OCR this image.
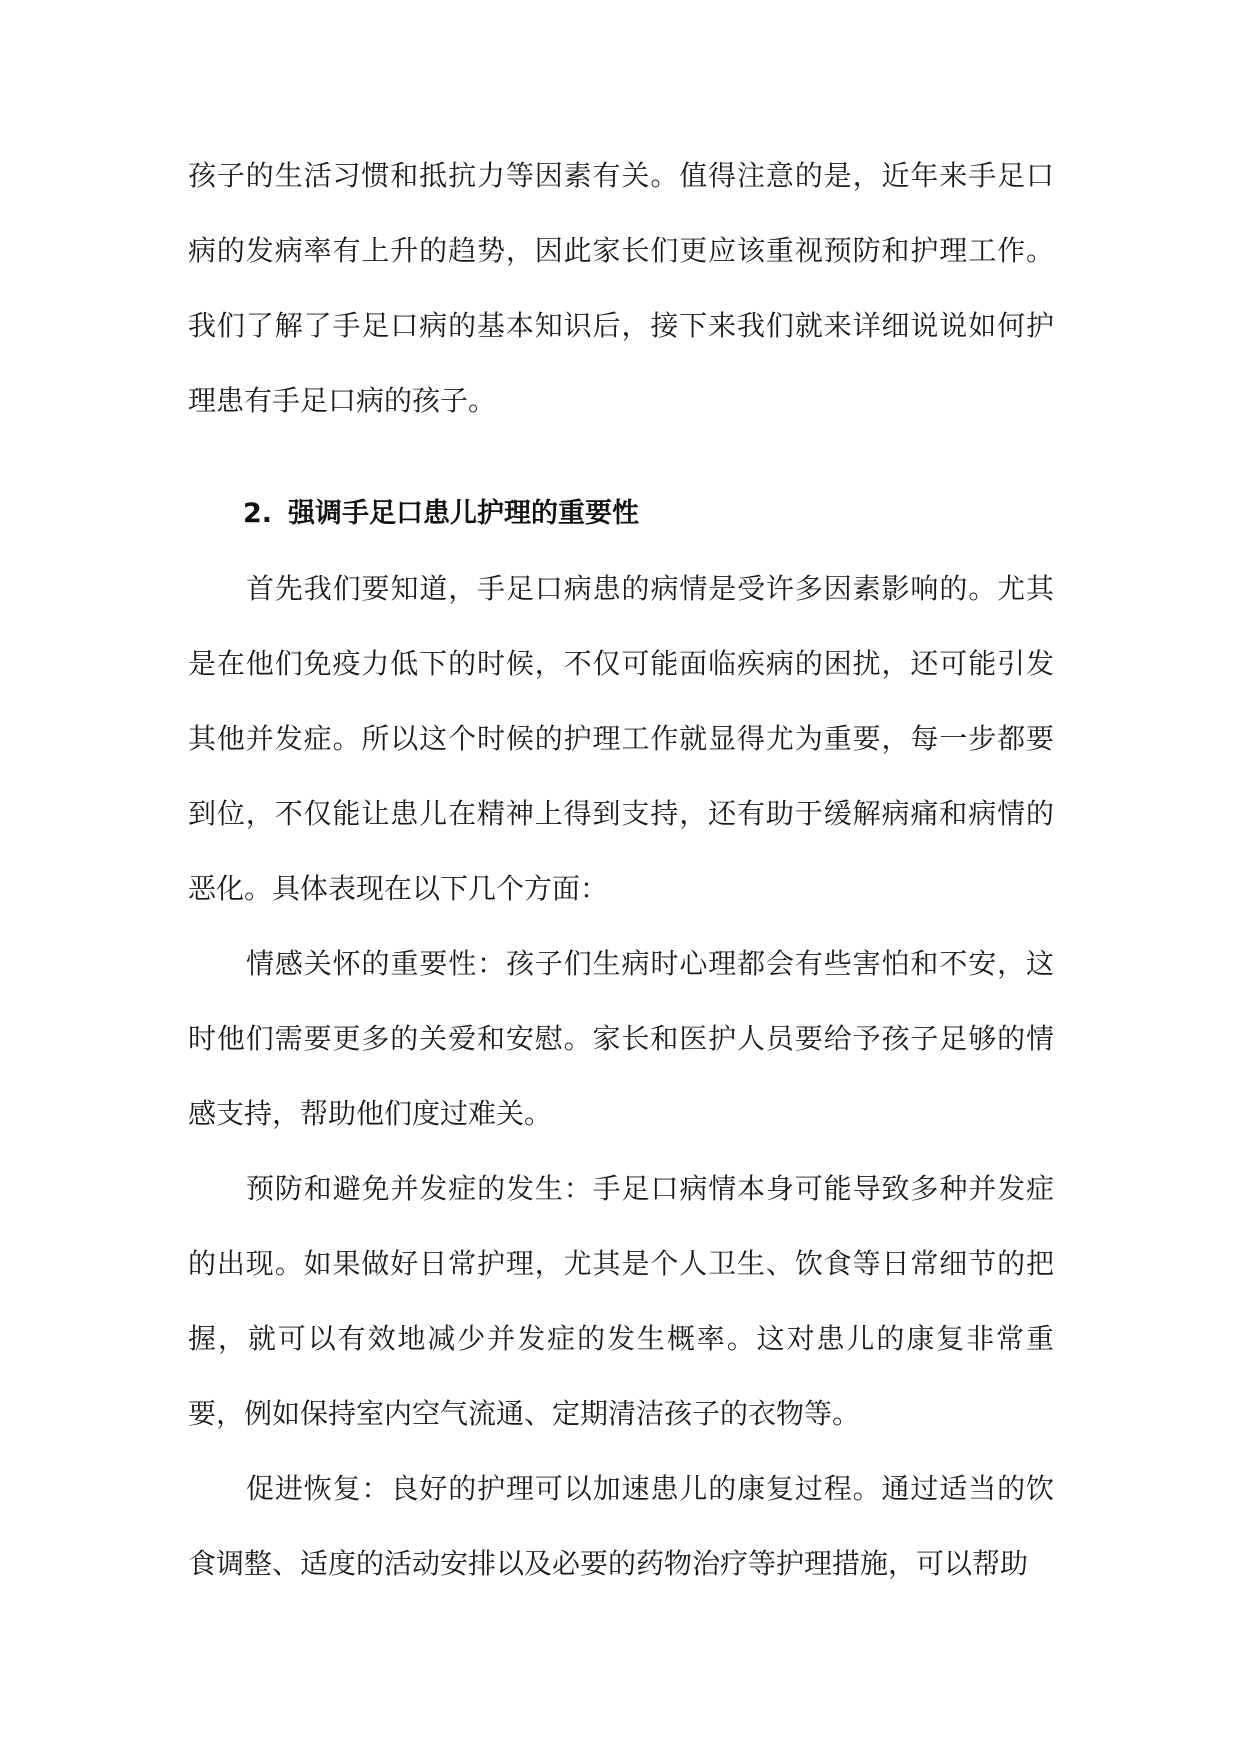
孩子的生活习惯和抵抗力等因素有关。值得注意的是，近年来手足口病的发病率有上升的趋势，因此家长们更应该重视预防和护理工作。我们了解了手足口病的基本知识后，接下来我们就来详细说说如何护理患有手足口病的孩子。

2. 强调手足口患儿护理的重要性

首先我们要知道，手足口病患的病情是受许多因素影响的。尤其是在他们免疫力低下的时候，不仅可能面临疾病的困扰，还可能引发其他并发症。所以这个时候的护理工作就显得尤为重要，每一步都要到位，不仅能让患儿在精神上得到支持，还有助于缓解病痛和病情的恶化。具体表现在以下几个方面：

情感关怀的重要性：孩子们生病时心理都会有些害怕和不安，这时他们需要更多的关爱和安慰。家长和医护人员要给予孩子足够的情感支持，帮助他们度过难关。

预防和避免并发症的发生：手足口病情本身可能导致多种并发症的出现。如果做好日常护理，尤其是个人卫生、饮食等日常细节的把握，就可以有效地减少并发症的发生概率。这对患儿的康复非常重要，例如保持室内空气流通、定期清洁孩子的衣物等。

促进恢复：良好的护理可以加速患儿的康复过程。通过适当的饮食调整、适度的活动安排以及必要的药物治疗等护理措施，可以帮助
